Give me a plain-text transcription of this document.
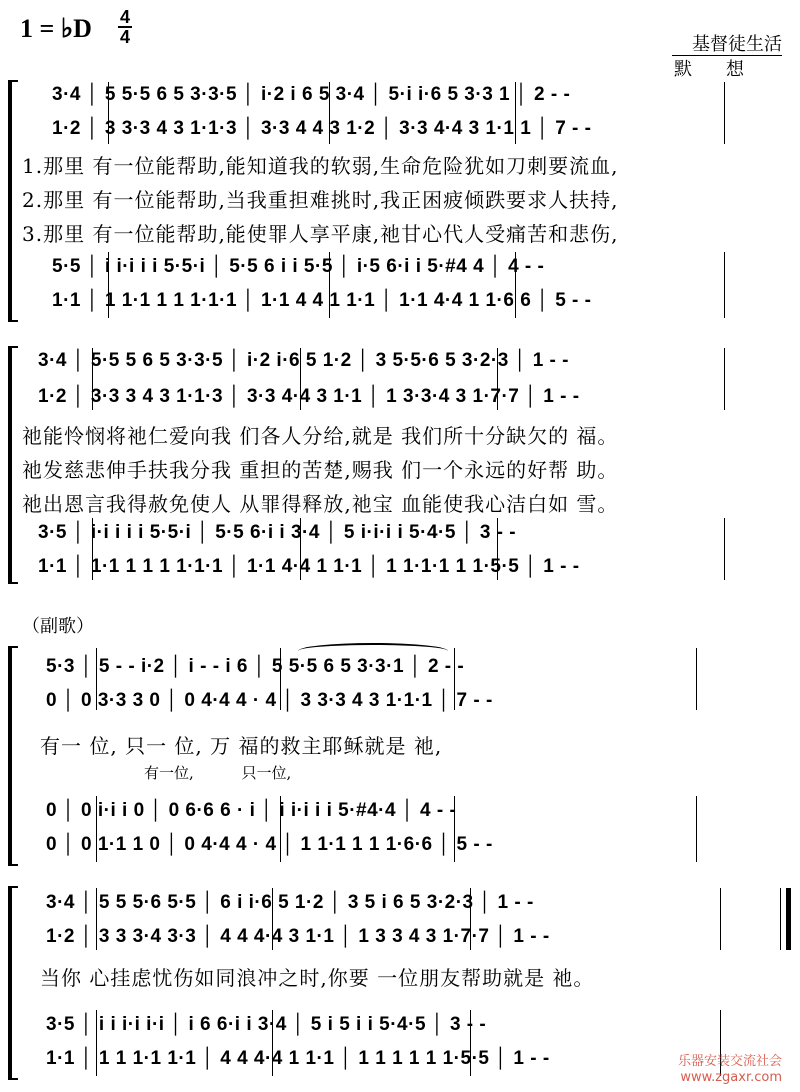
1 = ♭D 4
4	基督徒生活
默想
3·4 │ 5 5·5 6 5 3·3·5 │ i·2 i 6 5 3·4 │ 5·i i·6 5 3·3 1 │ 2 - -
1·2 │ 3 3·3 4 3 1·1·3 │ 3·3 4 4 3 1·2 │ 3·3 4·4 3 1·1 1 │ 7 - -
1.那里 有一位能帮助,能知道我的软弱,生命危险犹如刀刺要流血,
2.那里 有一位能帮助,当我重担难挑时,我正困疲倾跌要求人扶持,
3.那里 有一位能帮助,能使罪人享平康,祂甘心代人受痛苦和悲伤,
5·5 │ i i·i i i 5·5·i │ 5·5 6 i i 5·5 │ i·5 6·i i 5·#4 4 │ 4 - -
1·1 │ 1 1·1 1 1 1·1·1 │ 1·1 4 4 1 1·1 │ 1·1 4·4 1 1·6 6 │ 5 - -
3·4 │ 5·5 5 6 5 3·3·5 │ i·2 i·6 5 1·2 │ 3 5·5·6 5 3·2·3 │ 1 - -
1·2 │ 3·3 3 4 3 1·1·3 │ 3·3 4·4 3 1·1 │ 1 3·3·4 3 1·7·7 │ 1 - -
祂能怜悯将祂仁爱向我 们各人分给,就是 我们所十分缺欠的 福。
祂发慈悲伸手扶我分我 重担的苦楚,赐我 们一个永远的好帮 助。
祂出恩言我得赦免使人 从罪得释放,祂宝 血能使我心洁白如 雪。
3·5 │ i·i i i i 5·5·i │ 5·5 6·i i 3·4 │ 5 i·i·i i 5·4·5 │ 3 - -
1·1 │ 1·1 1 1 1 1·1·1 │ 1·1 4·4 1 1·1 │ 1 1·1·1 1 1·5·5 │ 1 - -
（副歌）
5·3 │ 5 - - i·2 │ i - - i 6 │ 5 5·5 6 5 3·3·1 │ 2 - -
0 │ 0 3·3 3 0 │ 0 4·4 4 · 4 │ 3 3·3 4 3 1·1·1 │ 7 - -
有一 位, 只一 位, 万 福的救主耶稣就是 祂,
有一位,          只一位,
0 │ 0 i·i i 0 │ 0 6·6 6 · i │ i i·i i i 5·#4·4 │ 4 - -
0 │ 0 1·1 1 0 │ 0 4·4 4 · 4 │ 1 1·1 1 1 1·6·6 │ 5 - -
3·4 │ 5 5 5·6 5·5 │ 6 i i·6 5 1·2 │ 3 5 i 6 5 3·2·3 │ 1 - -
1·2 │ 3 3 3·4 3·3 │ 4 4 4·4 3 1·1 │ 1 3 3 4 3 1·7·7 │ 1 - -
当你 心挂虑忧伤如同浪冲之时,你要 一位朋友帮助就是 祂。
3·5 │ i i i·i i·i │ i 6 6·i i 3·4 │ 5 i 5 i i 5·4·5 │ 3 - -
1·1 │ 1 1 1·1 1·1 │ 4 4 4·4 1 1·1 │ 1 1 1 1 1 1·5·5 │ 1 - -	乐器安装交流社会
www.zgaxr.com
